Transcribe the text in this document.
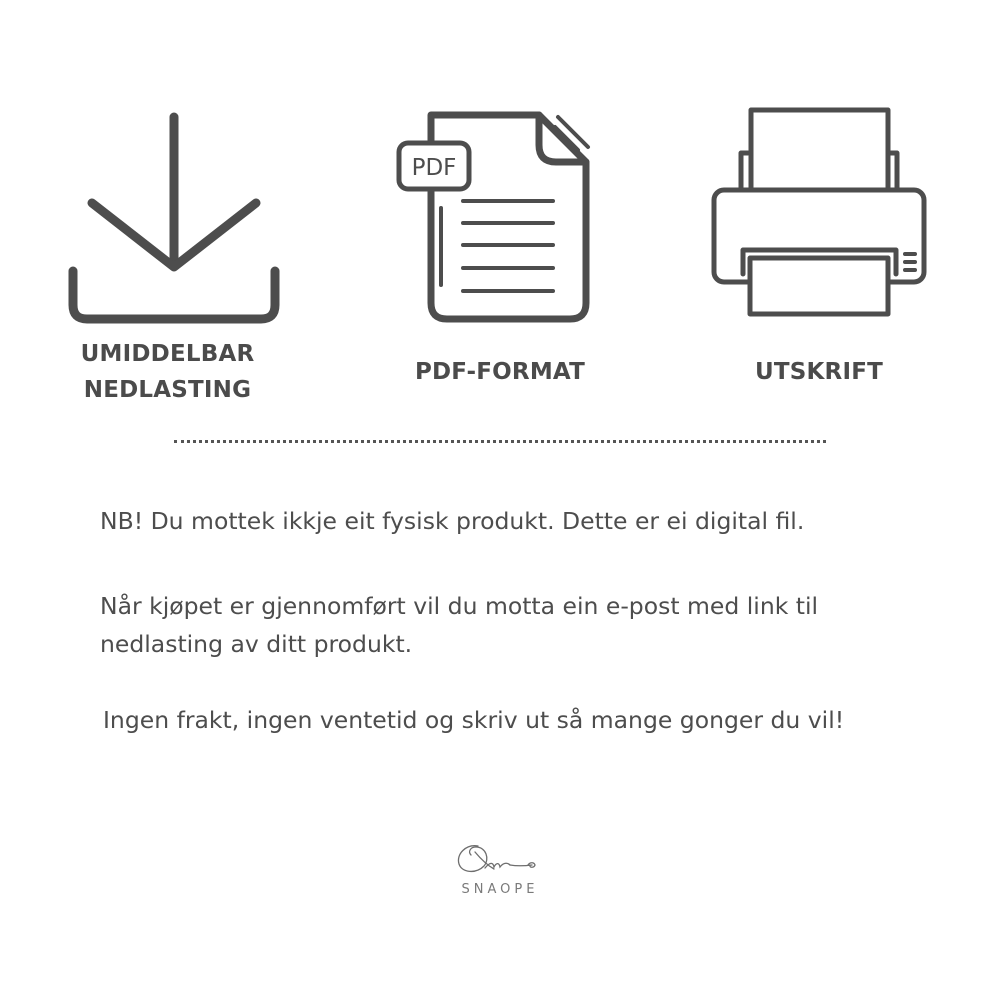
UMIDDELBAR
NEDLASTING
PDF
PDF-FORMAT	UTSKRIFT

NB! Du mottek ikkje eit fysisk produkt. Dette er ei digital fil.

Når kjøpet er gjennomført vil du motta ein e-post med link til

nedlasting av ditt produkt.

Ingen frakt, ingen ventetid og skriv ut så mange gonger du vil!

SNAOPE
